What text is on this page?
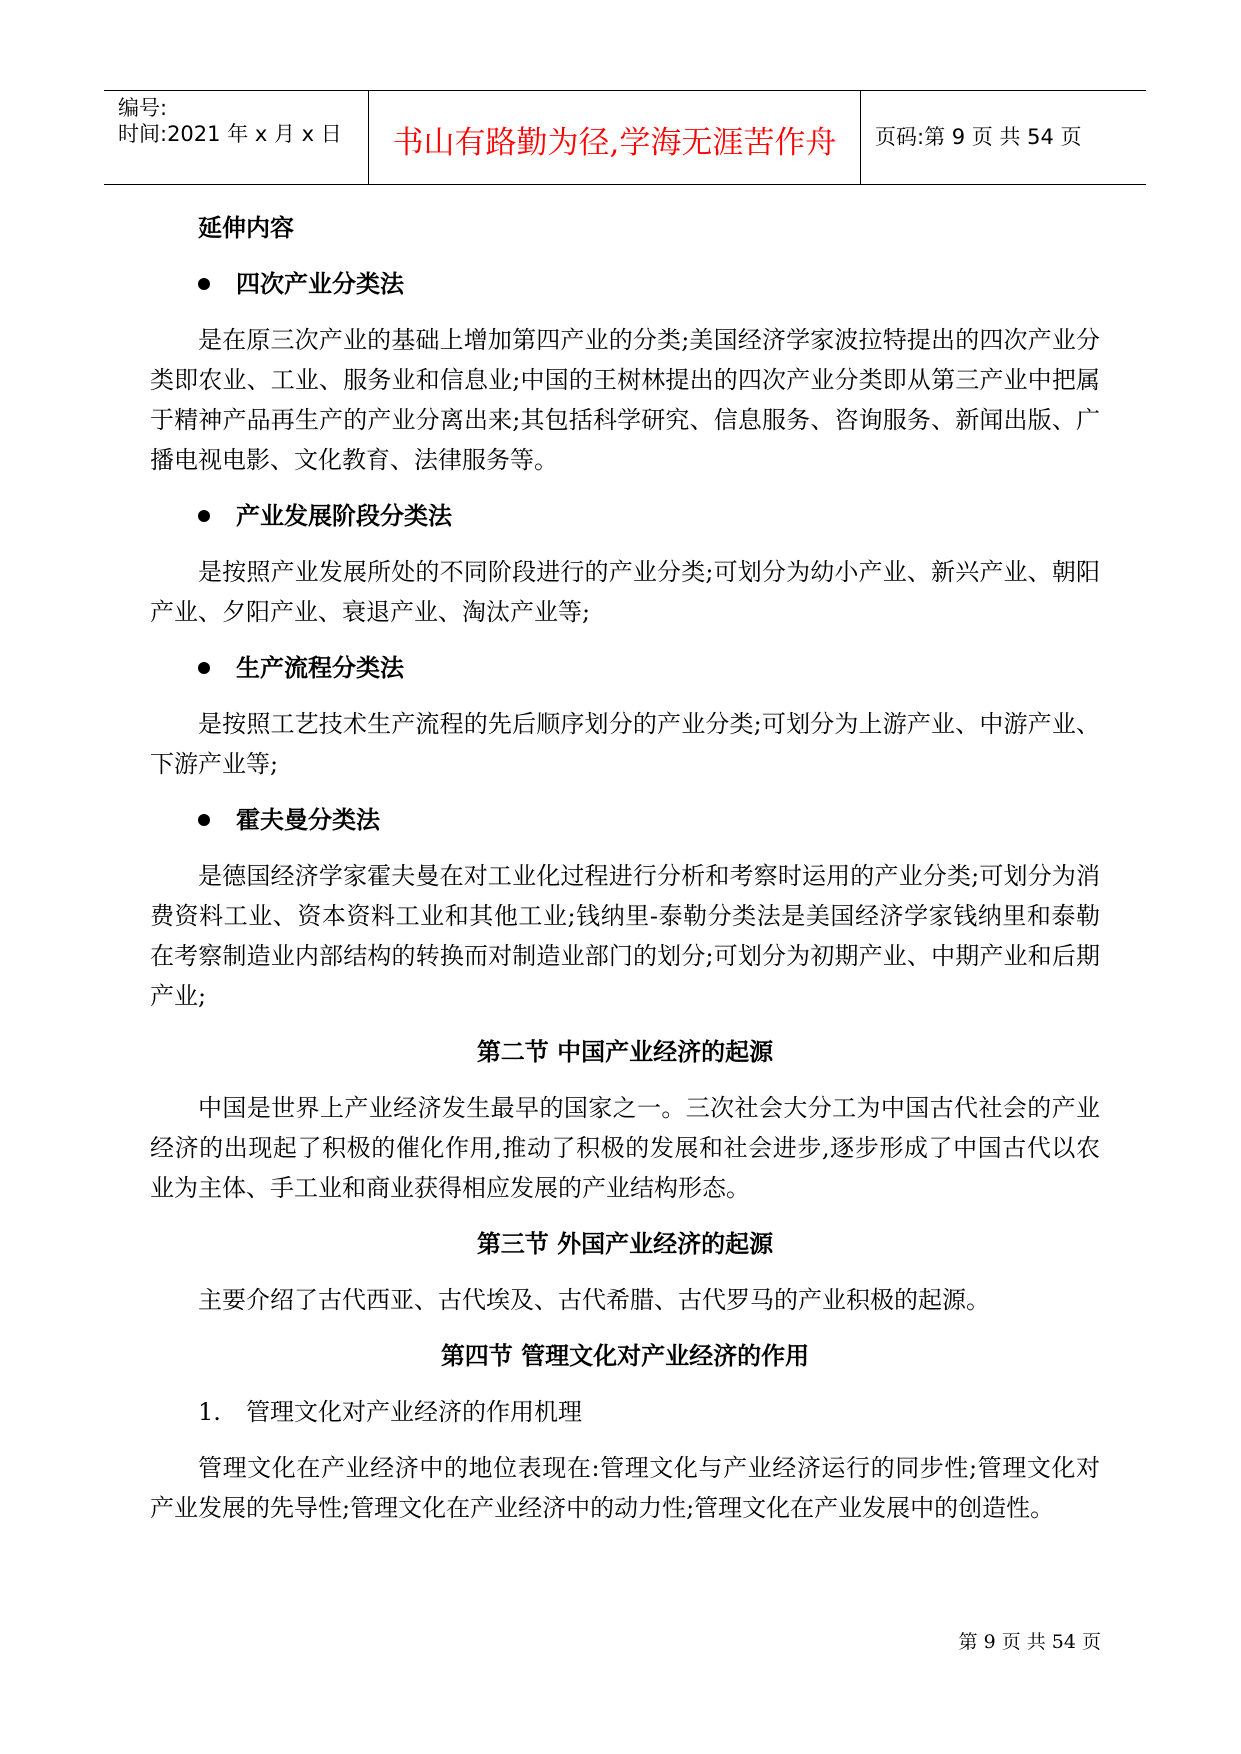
编号:
时间:2021 年 x 月 x 日	书山有路勤为径,学海无涯苦作舟	页码:第 9 页 共 54 页
延伸内容
四次产业分类法

是在原三次产业的基础上增加第四产业的分类;美国经济学家波拉特提出的四次产业分类即农业、工业、服务业和信息业;中国的王树林提出的四次产业分类即从第三产业中把属于精神产品再生产的产业分离出来;其包括科学研究、信息服务、咨询服务、新闻出版、广播电视电影、文化教育、法律服务等。

产业发展阶段分类法

是按照产业发展所处的不同阶段进行的产业分类;可划分为幼小产业、新兴产业、朝阳产业、夕阳产业、衰退产业、淘汰产业等;

生产流程分类法

是按照工艺技术生产流程的先后顺序划分的产业分类;可划分为上游产业、中游产业、下游产业等;

霍夫曼分类法

是德国经济学家霍夫曼在对工业化过程进行分析和考察时运用的产业分类;可划分为消费资料工业、资本资料工业和其他工业;钱纳里-泰勒分类法是美国经济学家钱纳里和泰勒在考察制造业内部结构的转换而对制造业部门的划分;可划分为初期产业、中期产业和后期产业;

第二节 中国产业经济的起源

中国是世界上产业经济发生最早的国家之一。三次社会大分工为中国古代社会的产业经济的出现起了积极的催化作用,推动了积极的发展和社会进步,逐步形成了中国古代以农业为主体、手工业和商业获得相应发展的产业结构形态。

第三节 外国产业经济的起源

主要介绍了古代西亚、古代埃及、古代希腊、古代罗马的产业积极的起源。

第四节 管理文化对产业经济的作用
1. 管理文化对产业经济的作用机理

管理文化在产业经济中的地位表现在:管理文化与产业经济运行的同步性;管理文化对产业发展的先导性;管理文化在产业经济中的动力性;管理文化在产业发展中的创造性。

第 9 页 共 54 页
